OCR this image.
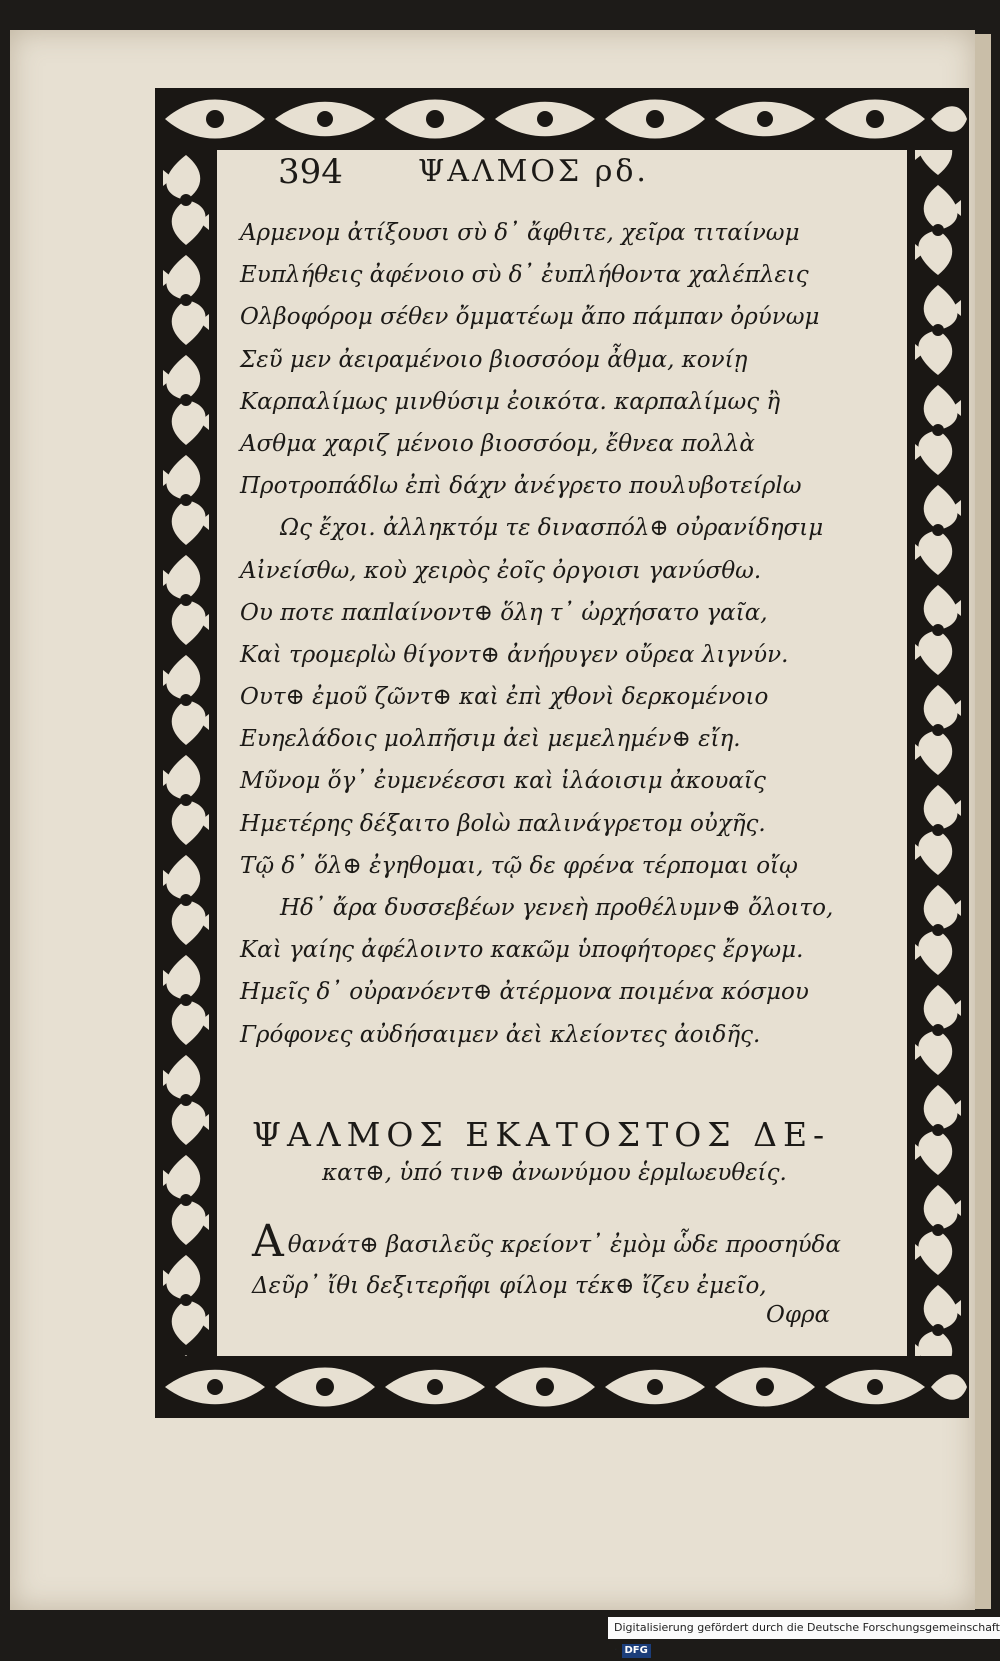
394	ΨΑΛΜΟΣ ρδ.
Αρμενομ ἀτίξουσι σὺ δ᾽ ἄφθιτε, χεῖρα τιταίνωμ
Ευπλήθεις ἀφένοιο σὺ δ᾽ ἐυπλήθοντα χαλέπλεις
Ολβοφόρομ σέθεν ὄμματέωμ ἄπο πάμπαν ὀρύνωμ
Σεῦ μεν ἀειραμένοιο βιοσσόομ ἆθμα, κονίῃ
Καρπαλίμως μινθύσιμ ἐοικότα. καρπαλίμως ἢ
Ασθμα χαριζ μένοιο βιοσσόομ, ἔθνεα πολλὰ
Προτροπάδlω ἐπὶ δάχν ἀνέγρετο πουλυβοτείρlω
Ως ἔχοι. ἀλληκτόμ τε δινασπόλ⊕ οὐρανίδησιμ
Αἰνείσθω, κοὺ χειρὸς ἐοῖς ὀργοισι γανύσθω.
Ου ποτε παπlαίνοντ⊕ ὅλη τ᾽ ὠρχήσατο γαῖα,
Καὶ τρομερlὼ θίγοντ⊕ ἀνήρυγεν οὔρεα λιγνύν.
Ουτ⊕ ἐμοῦ ζῶντ⊕ καὶ ἐπὶ χθονὶ δερκομένοιο
Ευηελάδοις μολπῆσιμ ἀεὶ μεμελημέν⊕ εἴη.
Μῦνομ ὅγ᾽ ἐυμενέεσσι καὶ ἱλάοισιμ ἀκουαῖς
Ημετέρης δέξαιτο βοlὼ παλινάγρετομ οὐχῆς.
Τῷ δ᾽ ὅλ⊕ ἐγηθομαι, τῷ δε φρένα τέρπομαι οἴῳ
Ηδ᾽ ἄρα δυσσεβέων γενεὴ προθέλυμν⊕ ὄλοιτο,
Καὶ γαίης ἀφέλοιντο κακῶμ ὑποφήτορες ἔργωμ.
Ημεῖς δ᾽ οὐρανόεντ⊕ ἀτέρμονα ποιμένα κόσμου
Γρόφονες αὐδήσαιμεν ἀεὶ κλείοντες ἀοιδῆς.
ΨΑΛΜΟΣ ΕΚΑΤΟΣΤΟΣ ΔΕ-
κατ⊕, ὑπό τιν⊕ ἀνωνύμου ἑρμlωευθείς.
Αθανάτ⊕ βασιλεῦς κρείοντ᾽ ἐμὸμ ὧδε προσηύδα
Δεῦρ᾽ ἴθι δεξιτερῆφι φίλομ τέκ⊕ ἴζευ ἐμεῖο,
Οφρα
Digitalisierung gefördert durch die Deutsche Forschungsgemeinschaft · DFG
